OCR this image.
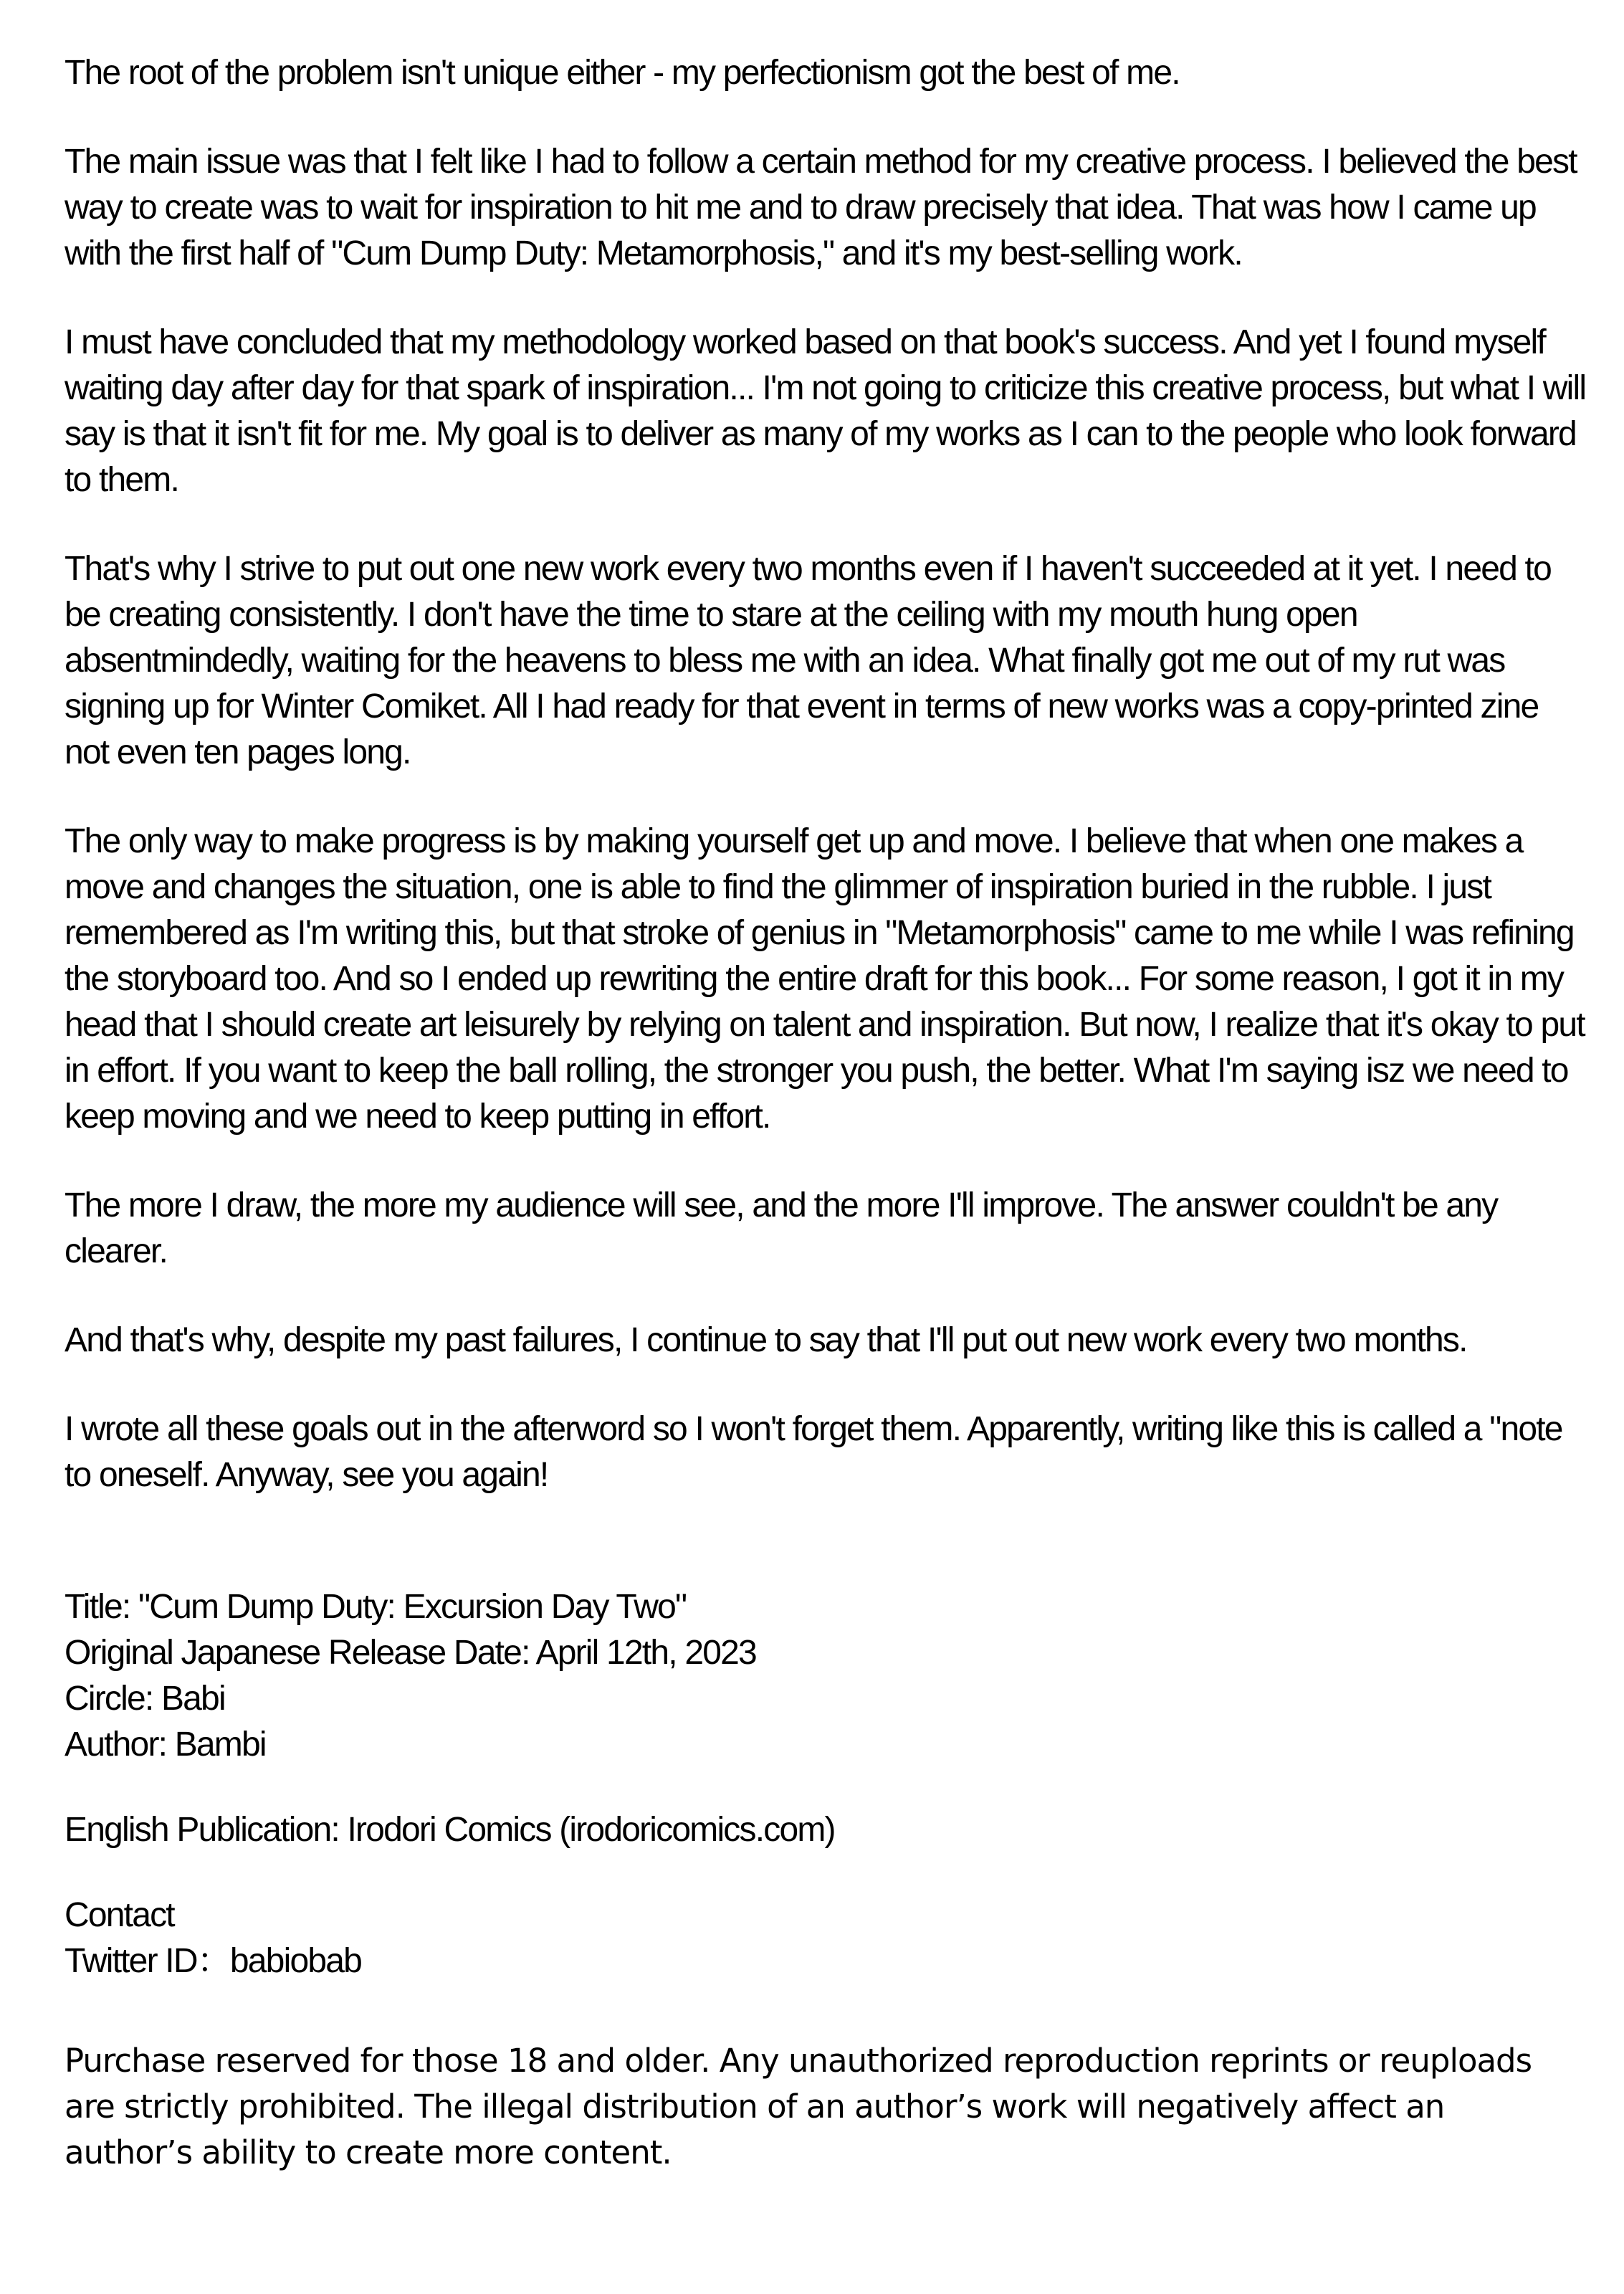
The root of the problem isn't unique either - my perfectionism got the best of me.

The main issue was that I felt like I had to follow a certain method for my creative process. I believed the best way to create was to wait for inspiration to hit me and to draw precisely that idea. That was how I came up with the first half of "Cum Dump Duty: Metamorphosis," and it's my best-selling work.

I must have concluded that my methodology worked based on that book's success. And yet I found myself waiting day after day for that spark of inspiration... I'm not going to criticize this creative process, but what I will say is that it isn't fit for me. My goal is to deliver as many of my works as I can to the people who look forward to them.

That's why I strive to put out one new work every two months even if I haven't succeeded at it yet. I need to be creating consistently. I don't have the time to stare at the ceiling with my mouth hung open absentmindedly, waiting for the heavens to bless me with an idea. What finally got me out of my rut was signing up for Winter Comiket. All I had ready for that event in terms of new works was a copy-printed zine not even ten pages long.

The only way to make progress is by making yourself get up and move. I believe that when one makes a move and changes the situation, one is able to find the glimmer of inspiration buried in the rubble. I just remembered as I'm writing this, but that stroke of genius in "Metamorphosis" came to me while I was refining the storyboard too. And so I ended up rewriting the entire draft for this book... For some reason, I got it in my head that I should create art leisurely by relying on talent and inspiration. But now, I realize that it's okay to put in effort. If you want to keep the ball rolling, the stronger you push, the better. What I'm saying isz we need to keep moving and we need to keep putting in effort.

The more I draw, the more my audience will see, and the more I'll improve. The answer couldn't be any clearer.

And that's why, despite my past failures, I continue to say that I'll put out new work every two months.

I wrote all these goals out in the afterword so I won't forget them. Apparently, writing like this is called a "note to oneself. Anyway, see you again!

Title: "Cum Dump Duty: Excursion Day Two"
Original Japanese Release Date: April 12th, 2023
Circle: Babi
Author: Bambi
English Publication: Irodori Comics (irodoricomics.com)
Contact
Twitter ID：babiobab

Purchase reserved for those 18 and older. Any unauthorized reproduction reprints or reuploads are strictly prohibited. The illegal distribution of an author’s work will negatively affect an author’s ability to create more content.
